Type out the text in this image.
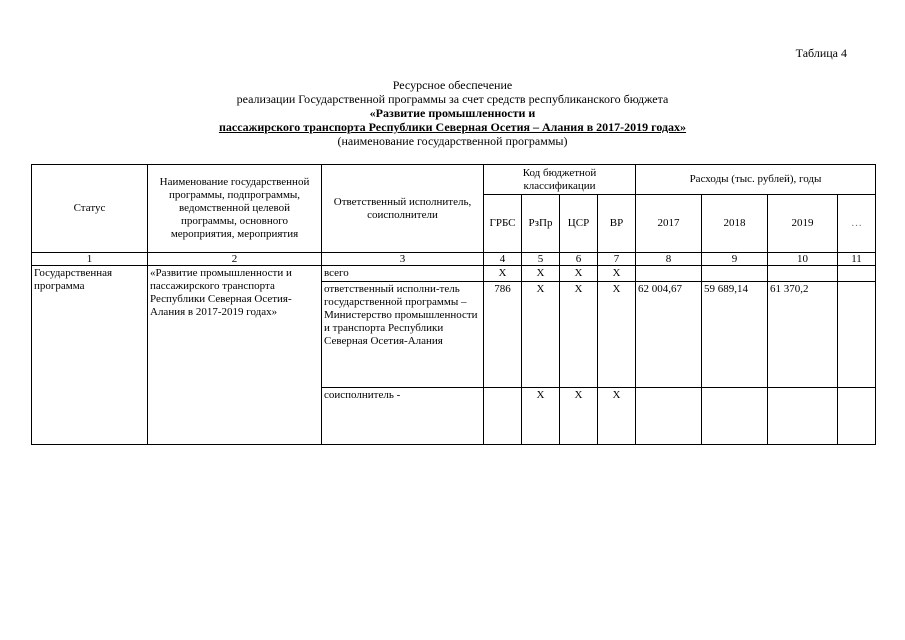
Таблица 4
Ресурсное обеспечение
реализации Государственной программы за счет средств республиканского бюджета
«Развитие промышленности и
пассажирского транспорта Республики Северная Осетия – Алания в 2017-2019 годах»
(наименование государственной программы)
Статус	Наименование государственной программы, подпрограммы, ведомственной целевой программы, основного мероприятия, мероприятия	Ответственный исполнитель, соисполнители	Код бюджетной классификации				Расходы (тыс. рублей), годы			
			ГРБС	РзПр	ЦСР	ВР	2017	2018	2019	…
1	2	3	4	5	6	7	8	9	10	11
Государственная программа	«Развитие промышленности и пассажирского транспорта Республики Северная Осетия-Алания в 2017-2019 годах»	всего	Х	Х	Х	Х				
		ответственный исполни-тель государственной программы – Министерство промышленности и транспорта Республики Северная Осетия-Алания	786	Х	Х	Х	62 004,67	59 689,14	61 370,2	
		соисполнитель -		Х	Х	Х				
